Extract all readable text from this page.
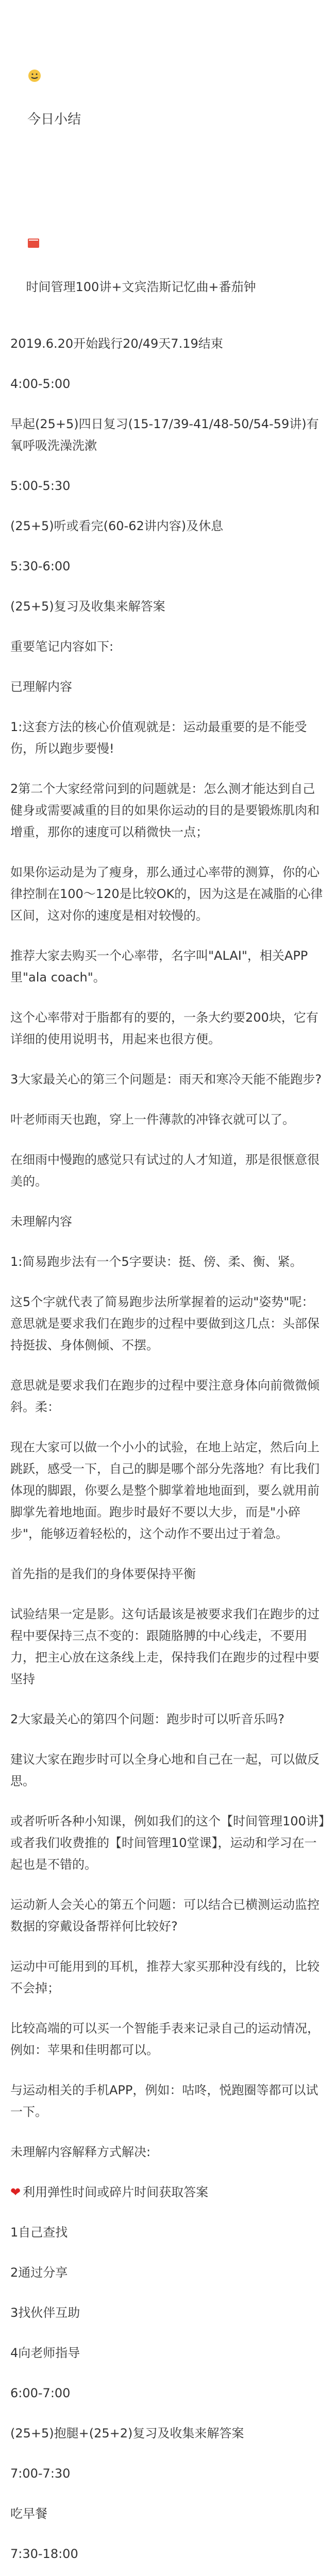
今日小结

时间管理100讲+文宾浩斯记忆曲+番茄钟

2019.6.20开始践行20/49天7.19结束
4:00-5:00
早起(25+5)四日复习(15-17/39-41/48-50/54-59讲)有氧呼吸洗澡洗漱
5:00-5:30
(25+5)听或看完(60-62讲内容)及休息
5:30-6:00
(25+5)复习及收集来解答案
重要笔记内容如下:
已理解内容
1:这套方法的核心价值观就是：运动最重要的是不能受伤，所以跑步要慢!
2第二个大家经常问到的问题就是：怎么测才能达到自己健身或需要减重的目的如果你运动的目的是要锻炼肌肉和增重，那你的速度可以稍微快一点；
如果你运动是为了瘦身，那么通过心率带的测算，你的心律控制在100〜120是比较OK的，因为这是在减脂的心律区间，这对你的速度是相对较慢的。
推荐大家去购买一个心率带，名字叫"ALAI"，相关APP里"ala coach"。
这个心率带对于脂都有的要的，一条大约要200块，它有详细的使用说明书，用起来也很方便。
3大家最关心的第三个问题是：雨天和寒冷天能不能跑步?
叶老师雨天也跑，穿上一件薄款的冲锋衣就可以了。
在细雨中慢跑的感觉只有试过的人才知道，那是很惬意很美的。
未理解内容
1:简易跑步法有一个5字要诀：挺、傍、柔、衡、紧。
这5个字就代表了简易跑步法所掌握着的运动"姿势"呢：意思就是要求我们在跑步的过程中要做到这几点：头部保持挺拔、身体侧倾、不摆。
意思就是要求我们在跑步的过程中要注意身体向前微微倾斜。柔：
现在大家可以做一个小小的试验，在地上站定，然后向上跳跃，感受一下，自己的脚是哪个部分先落地？有比我们体现的脚跟，你要么是整个脚掌着地地面到，要么就用前脚掌先着地地面。跑步时最好不要以大步，而是"小碎步"，能够迈着轻松的，这个动作不要出过于着急。
首先指的是我们的身体要保持平衡
试验结果一定是影。这句话最该是被要求我们在跑步的过程中要保持三点不变的：跟随胳膊的中心线走，不要用力，把主心放在这条线上走，保持我们在跑步的过程中要坚持
2大家最关心的第四个问题：跑步时可以听音乐吗?
建议大家在跑步时可以全身心地和自己在一起，可以做反思。
或者听听各种小知课，例如我们的这个【时间管理100讲】或者我们收费推的【时间管理10堂课】，运动和学习在一起也是不错的。
运动新人会关心的第五个问题：可以结合已横测运动监控数据的穿戴设备帮祥何比较好?
运动中可能用到的耳机，推荐大家买那种没有线的，比较不会掉；
比较高端的可以买一个智能手表来记录自己的运动情况，例如：苹果和佳明都可以。
与运动相关的手机APP，例如：咕咚，悦跑圈等都可以试一下。
未理解内容解释方式解决:
❤ 利用弹性时间或碎片时间获取答案
1自己查找
2通过分享
3找伙伴互助
4向老师指导
6:00-7:00
(25+5)抱腿+(25+2)复习及收集来解答案
7:00-7:30
吃早餐
7:30-18:00
